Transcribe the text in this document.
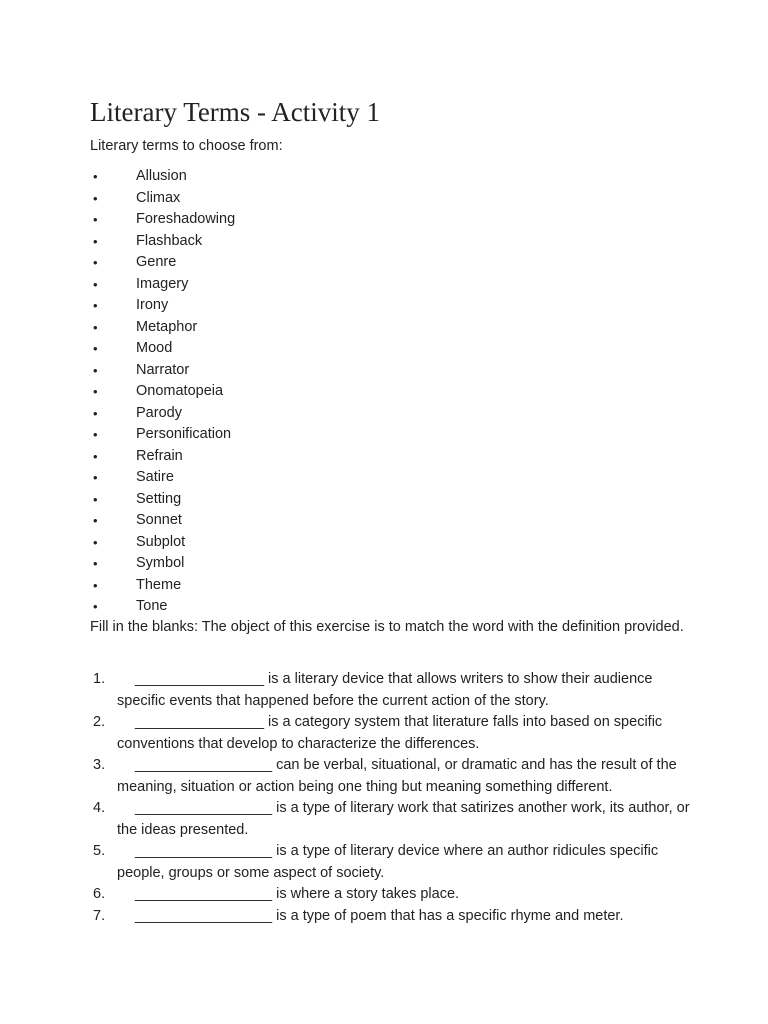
Literary Terms - Activity 1

Literary terms to choose from:

•	Allusion
•	Climax
•	Foreshadowing
•	Flashback
•	Genre
•	Imagery
•	Irony
•	Metaphor
•	Mood
•	Narrator
•	Onomatopeia
•	Parody
•	Personification
•	Refrain
•	Satire
•	Setting
•	Sonnet
•	Subplot
•	Symbol
•	Theme
•	Tone

Fill in the blanks: The object of this exercise is to match the word with the definition provided.

1.	________________ is a literary device that allows writers to show their audience specific events that happened before the current action of the story.
2.	________________ is a category system that literature falls into based on specific conventions that develop to characterize the differences.
3.	_________________ can be verbal, situational, or dramatic and has the result of the meaning, situation or action being one thing but meaning something different.
4.	_________________ is a type of literary work that satirizes another work, its author, or the ideas presented.
5.	_________________ is a type of literary device where an author ridicules specific people, groups or some aspect of society.
6.	_________________ is where a story takes place.
7.	_________________ is a type of poem that has a specific rhyme and meter.
